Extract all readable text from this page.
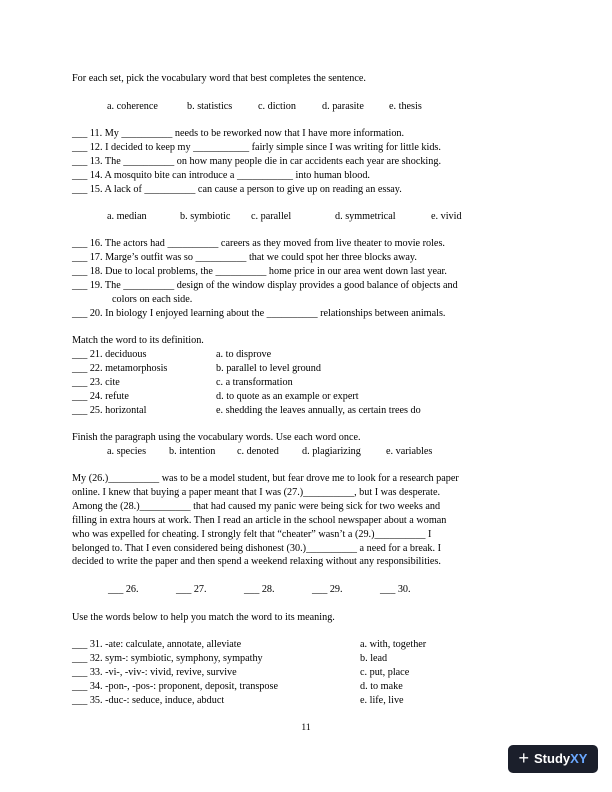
For each set, pick the vocabulary word that best completes the sentence.

a. coherence	b. statistics	c. diction	d. parasite	e. thesis

___ 11. My __________ needs to be reworked now that I have more information.

___ 12. I decided to keep my ___________ fairly simple since I was writing for little kids.

___ 13. The __________ on how many people die in car accidents each year are shocking.

___ 14. A mosquito bite can introduce a ___________ into human blood.

___ 15. A lack of __________ can cause a person to give up on reading an essay.

a. median	b. symbiotic	c. parallel	d. symmetrical	e. vivid

___ 16. The actors had __________ careers as they moved from live theater to movie roles.

___ 17. Marge’s outfit was so __________ that we could spot her three blocks away.

___ 18. Due to local problems, the __________ home price in our area went down last year.

___ 19. The __________ design of the window display provides a good balance of objects and

colors on each side.

___ 20. In biology I enjoyed learning about the __________ relationships between animals.

Match the word to its definition.

___ 21. deciduous	a. to disprove
___ 22. metamorphosis	b. parallel to level ground
___ 23. cite	c. a transformation
___ 24. refute	d. to quote as an example or expert
___ 25. horizontal	e. shedding the leaves annually, as certain trees do

Finish the paragraph using the vocabulary words. Use each word once.

a. species	b. intention	c. denoted	d. plagiarizing	e. variables

My (26.)__________ was to be a model student, but fear drove me to look for a research paper

online. I knew that buying a paper meant that I was (27.)__________, but I was desperate.

Among the (28.)__________ that had caused my panic were being sick for two weeks and

filling in extra hours at work. Then I read an article in the school newspaper about a woman

who was expelled for cheating. I strongly felt that “cheater” wasn’t a (29.)__________ I

belonged to. That I even considered being dishonest (30.)__________ a need for a break. I

decided to write the paper and then spend a weekend relaxing without any responsibilities.

___ 26.	___ 27.	___ 28.	___ 29.	___ 30.

Use the words below to help you match the word to its meaning.

___ 31. -ate: calculate, annotate, alleviate	a. with, together
___ 32. sym-: symbiotic, symphony, sympathy	b. lead
___ 33. -vi-, -viv-: vivid, revive, survive	c. put, place
___ 34. -pon-, -pos-: proponent, deposit, transpose	d. to make
___ 35. -duc-: seduce, induce, abduct	e. life, live
11
+ Study XY
